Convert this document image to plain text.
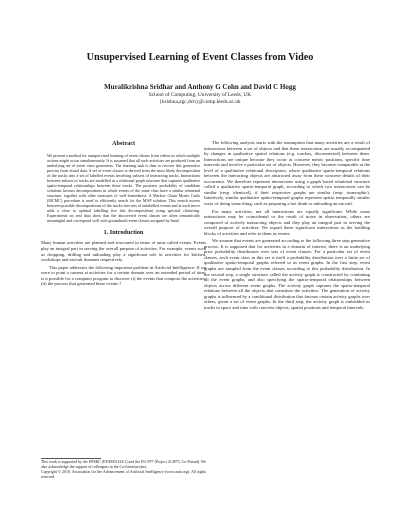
Unsupervised Learning of Event Classes from Video
Muralikrishna Sridhar and Anthony G Cohn and David C Hogg
School of Computing, University of Leeds, UK
{krishna,agc,dch}@comp.leeds.ac.uk
Abstract

We present a method for unsupervised learning of event classes from videos in which multiple actions might occur simultaneously. It is assumed that all such activities are produced from an underlying set of event class generators. The learning task is then to recover this generative process from visual data. A set of event classes is derived from the most likely decomposition of the tracks into a set of labelled events involving subsets of interacting tracks. Interactions between subsets of tracks are modelled as a relational graph structure that captures qualitative spatio-temporal relationships between these tracks. The posterior probability of candidate solutions favours decompositions in which events of the same class have a similar relational structure, together with other measures of well-formedness. A Markov Chain Monte Carlo (MCMC) procedure is used to efficiently search for the MAP solution. This search moves between possible decompositions of the tracks into sets of unlabelled events and at each move adds a close to optimal labelling (for this decomposition) using spectral clustering. Experiments on real data show that the discovered event classes are often semantically meaningful and correspond well with groundtruth event classes assigned by hand.

1. Introduction

Many human activities are planned and structured in terms of units called events. Events play an integral part in serving the overall purpose of activities. For example, events such as chopping, drilling and unloading play a significant role in activities for kitchen, workshops and aircraft domains respectively.

This paper addresses the following important problem in Artificial Intelligence: If we were to point a camera at activities for a certain domain over an extended period of time, is it possible for a computer program to discover (i) the events that compose the activities; (ii) the process that generated these events ?

This work is supported by the EPSRC (EP/D061334/1) and the EU FP7 (Project 214975, Co-Friend). We also acknowledge the support of colleagues in the Co-friend project.
Copyright © 2010, Association for the Advancement of Artificial Intelligence (www.aaai.org). All rights reserved.

The following analysis starts with the assumption that many activities are a result of interactions between a set of objects and that these interactions are usually accompanied by changes in qualitative spatial relations (e.g. touches, disconnected) between them. Interactions are unique because they occur at concrete metric positions, specific time intervals and involve a particular set of objects. However, they become comparable at the level of a qualitative relational description, where qualitative spatio-temporal relations between the interacting objects are abstracted away from these concrete details of their occurrence. We therefore represent interactions using a graph based relational structure called a qualitative spatio-temporal graph, according to which two interactions can be similar (resp. identical), if their respective graphs are similar (resp. isomorphic). Intuitively, similar qualitative spatio-temporal graphs represent spatio temporally similar ways of doing some thing, such as preparing a hot drink or unloading an aircraft.

For many activities, not all interactions are equally significant. While some interactions may be coincidental or the result of noise in observation, others are composed of actively interacting objects and they play an integral part in serving the overall purpose of activities. We regard these significant interactions as the building blocks of activities and refer to them as events.

We assume that events are generated according to the following three step generative process. It is supposed that for activities in a domain of interest, there is an underlying prior probability distribution over sets of event classes. For a particular set of event classes, each event class in this set is itself a probability distribution over a finite set of qualitative spatio-temporal graphs referred to as event graphs. In the first step, event graphs are sampled from the event classes according to this probability distribution. In the second step, a single structure called the activity graph is constructed by combining all the event graphs, and also specifying the spatio-temporal relationships between objects across different event graphs. The activity graph captures the spatio-temporal relations between all the objects that constitute the activities. The generation of activity graphs is influenced by a conditional distribution that favours certain activity graphs over others, given a set of event graphs. In the third step, the activity graph is embedded as tracks in space and time with concrete objects, spatial positions and temporal intervals.
